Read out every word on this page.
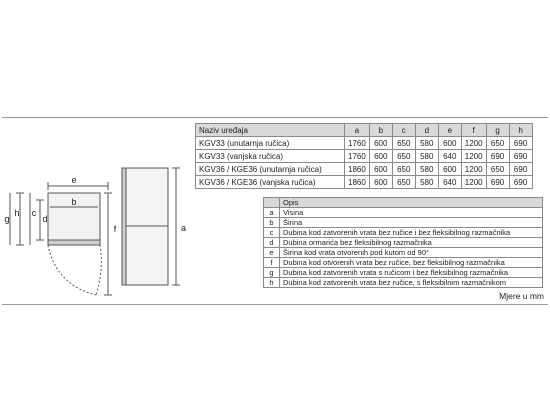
e
b
g
h c
d
f	a
Naziv uređaja	a	b	c	d	e	f	g	h
KGV33 (unutarnja ručica)	1760	600	650	580	600	1200	650	690
KGV33 (vanjska ručica)	1760	600	650	580	640	1200	690	690
KGV36 / KGE36 (unutarnja ručica)	1860	600	650	580	600	1200	650	690
KGV36 / KGE36 (vanjska ručica)	1860	600	650	580	640	1200	690	690
	Opis
a	Visina
b	Širina
c	Dubina kod zatvorenih vrata bez ručice i bez fleksibilnog razmačnika
d	Dubina ormarića bez fleksibilnog razmačnika
e	Širina kod vrata otvorenih pod kutom od 90°
f	Dubina kod otvorenih vrata bez ručice, bez fleksibilnog razmačnika
g	Dubina kod zatvorenih vrata s ručicom i bez fleksibilnog razmačnika
h	Dubina kod zatvorenih vrata bez ručice, s fleksibilnim razmačnikom
Mjere u mm
